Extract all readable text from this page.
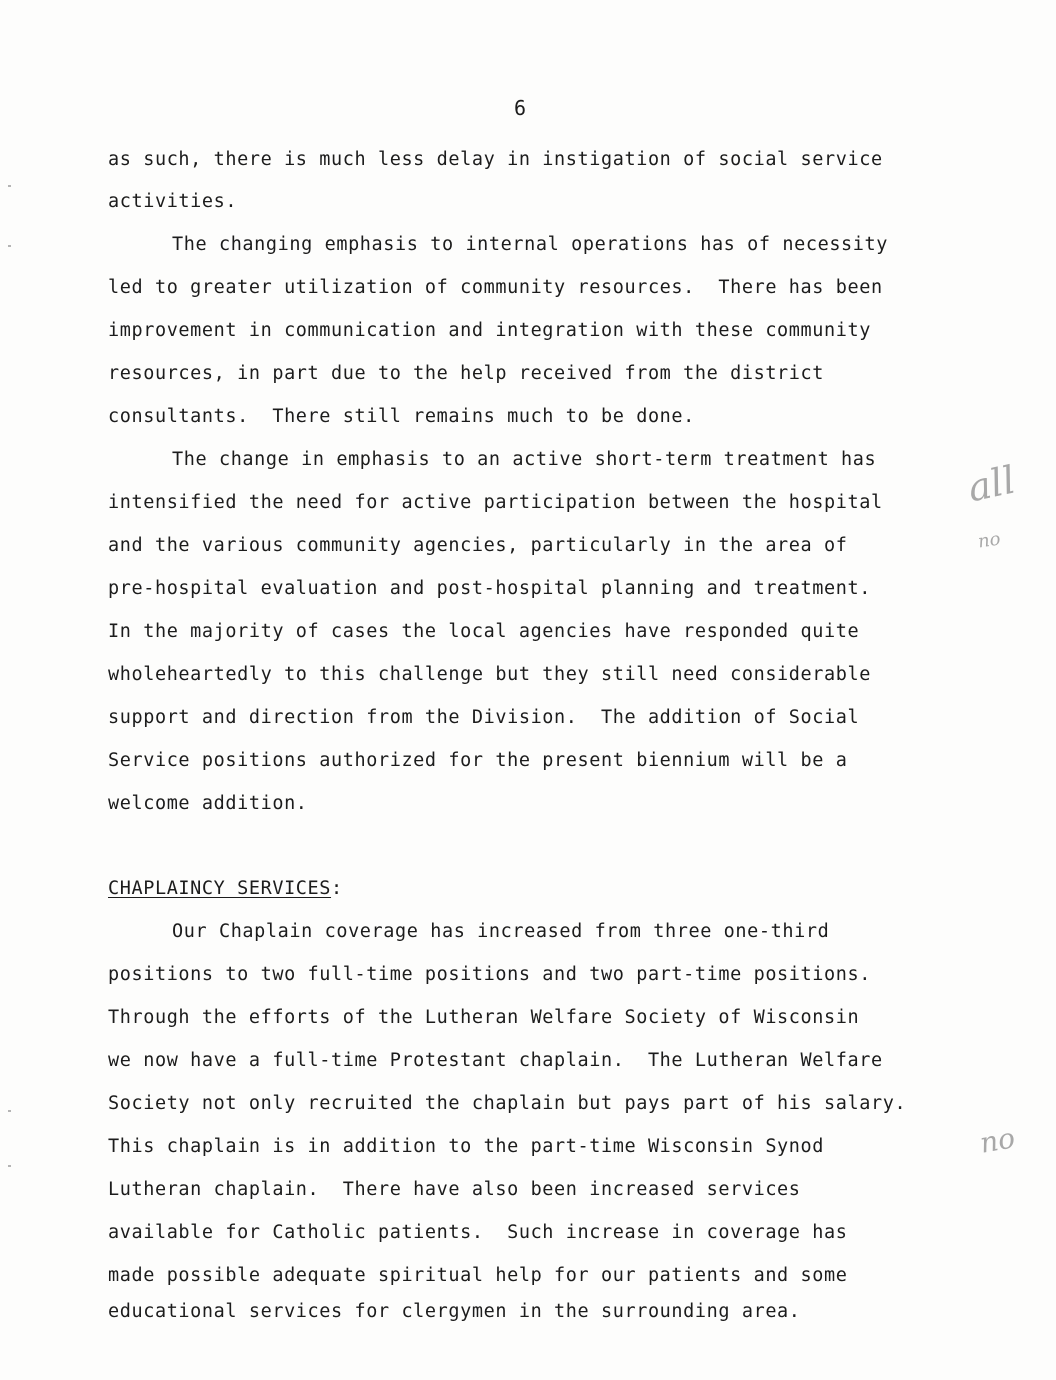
6
as such, there is much less delay in instigation of social service
activities.
The changing emphasis to internal operations has of necessity
led to greater utilization of community resources.  There has been
improvement in communication and integration with these community
resources, in part due to the help received from the district
consultants.  There still remains much to be done.
The change in emphasis to an active short-term treatment has
intensified the need for active participation between the hospital
and the various community agencies, particularly in the area of
pre-hospital evaluation and post-hospital planning and treatment.
In the majority of cases the local agencies have responded quite
wholeheartedly to this challenge but they still need considerable
support and direction from the Division.  The addition of Social
Service positions authorized for the present biennium will be a
welcome addition.
CHAPLAINCY SERVICES:
Our Chaplain coverage has increased from three one-third
positions to two full-time positions and two part-time positions.
Through the efforts of the Lutheran Welfare Society of Wisconsin
we now have a full-time Protestant chaplain.  The Lutheran Welfare
Society not only recruited the chaplain but pays part of his salary.
This chaplain is in addition to the part-time Wisconsin Synod
Lutheran chaplain.  There have also been increased services
available for Catholic patients.  Such increase in coverage has
made possible adequate spiritual help for our patients and some
educational services for clergymen in the surrounding area.
all
no
no
